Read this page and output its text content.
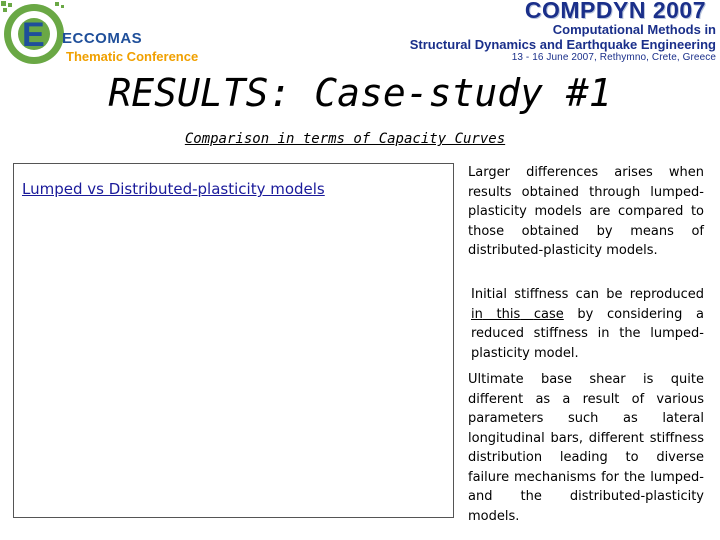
E ECCOMAS
Thematic Conference
COMPDYN 2007
Computational Methods in
Structural Dynamics and Earthquake Engineering
13 - 16 June 2007, Rethymno, Crete, Greece
RESULTS: Case-study #1
Comparison in terms of Capacity Curves
Lumped vs Distributed-plasticity models

Larger differences arises when results obtained through lumped-plasticity models are compared to those obtained by means of distributed-plasticity models.

Initial stiffness can be reproduced in this case by considering a reduced stiffness in the lumped-plasticity model.

Ultimate base shear is quite different as a result of various parameters such as lateral longitudinal bars, different stiffness distribution leading to diverse failure mechanisms for the lumped- and the distributed-plasticity models.
